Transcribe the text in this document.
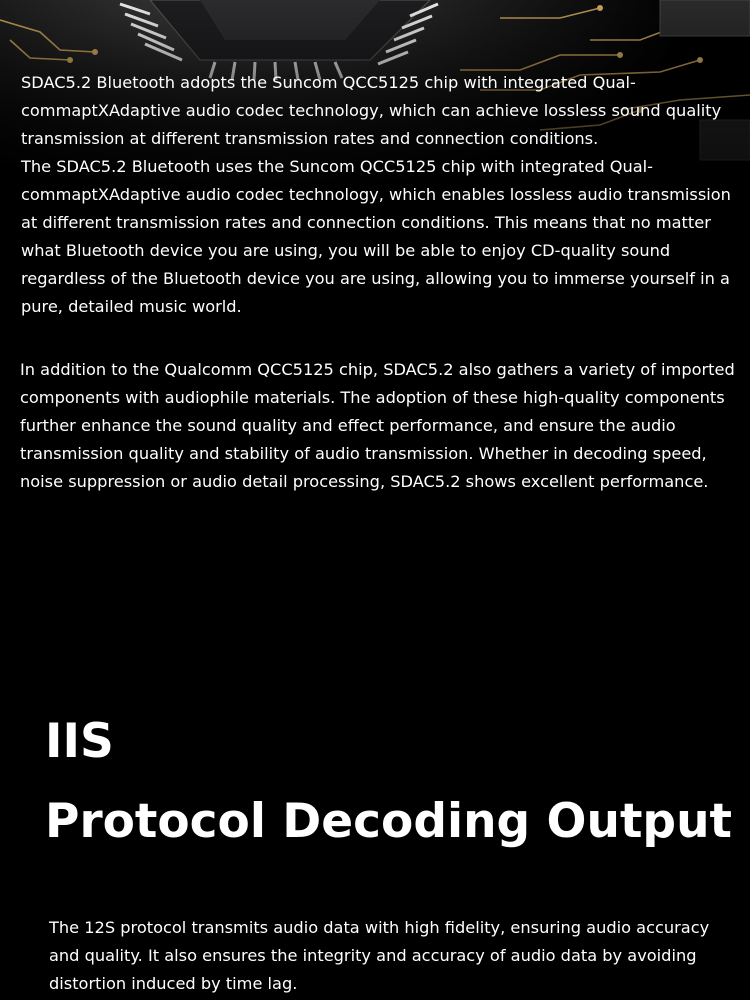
SDAC5.2 Bluetooth adopts the Suncom QCC5125 chip with integrated Qual-commaptXAdaptive audio codec technology, which can achieve lossless sound quality transmission at different transmission rates and connection conditions.

The SDAC5.2 Bluetooth uses the Suncom QCC5125 chip with integrated Qual-commaptXAdaptive audio codec technology, which enables lossless audio transmission at different transmission rates and connection conditions. This means that no matter what Bluetooth device you are using, you will be able to enjoy CD-quality sound regardless of the Bluetooth device you are using, allowing you to immerse yourself in a pure, detailed music world.

In addition to the Qualcomm QCC5125 chip, SDAC5.2 also gathers a variety of imported components with audiophile materials. The adoption of these high-quality components further enhance the sound quality and effect performance, and ensure the audio transmission quality and stability of audio transmission. Whether in decoding speed, noise suppression or audio detail processing, SDAC5.2 shows excellent performance.

IIS
Protocol Decoding Output

The 12S protocol transmits audio data with high fidelity, ensuring audio accuracy and quality. It also ensures the integrity and accuracy of audio data by avoiding distortion induced by time lag.
